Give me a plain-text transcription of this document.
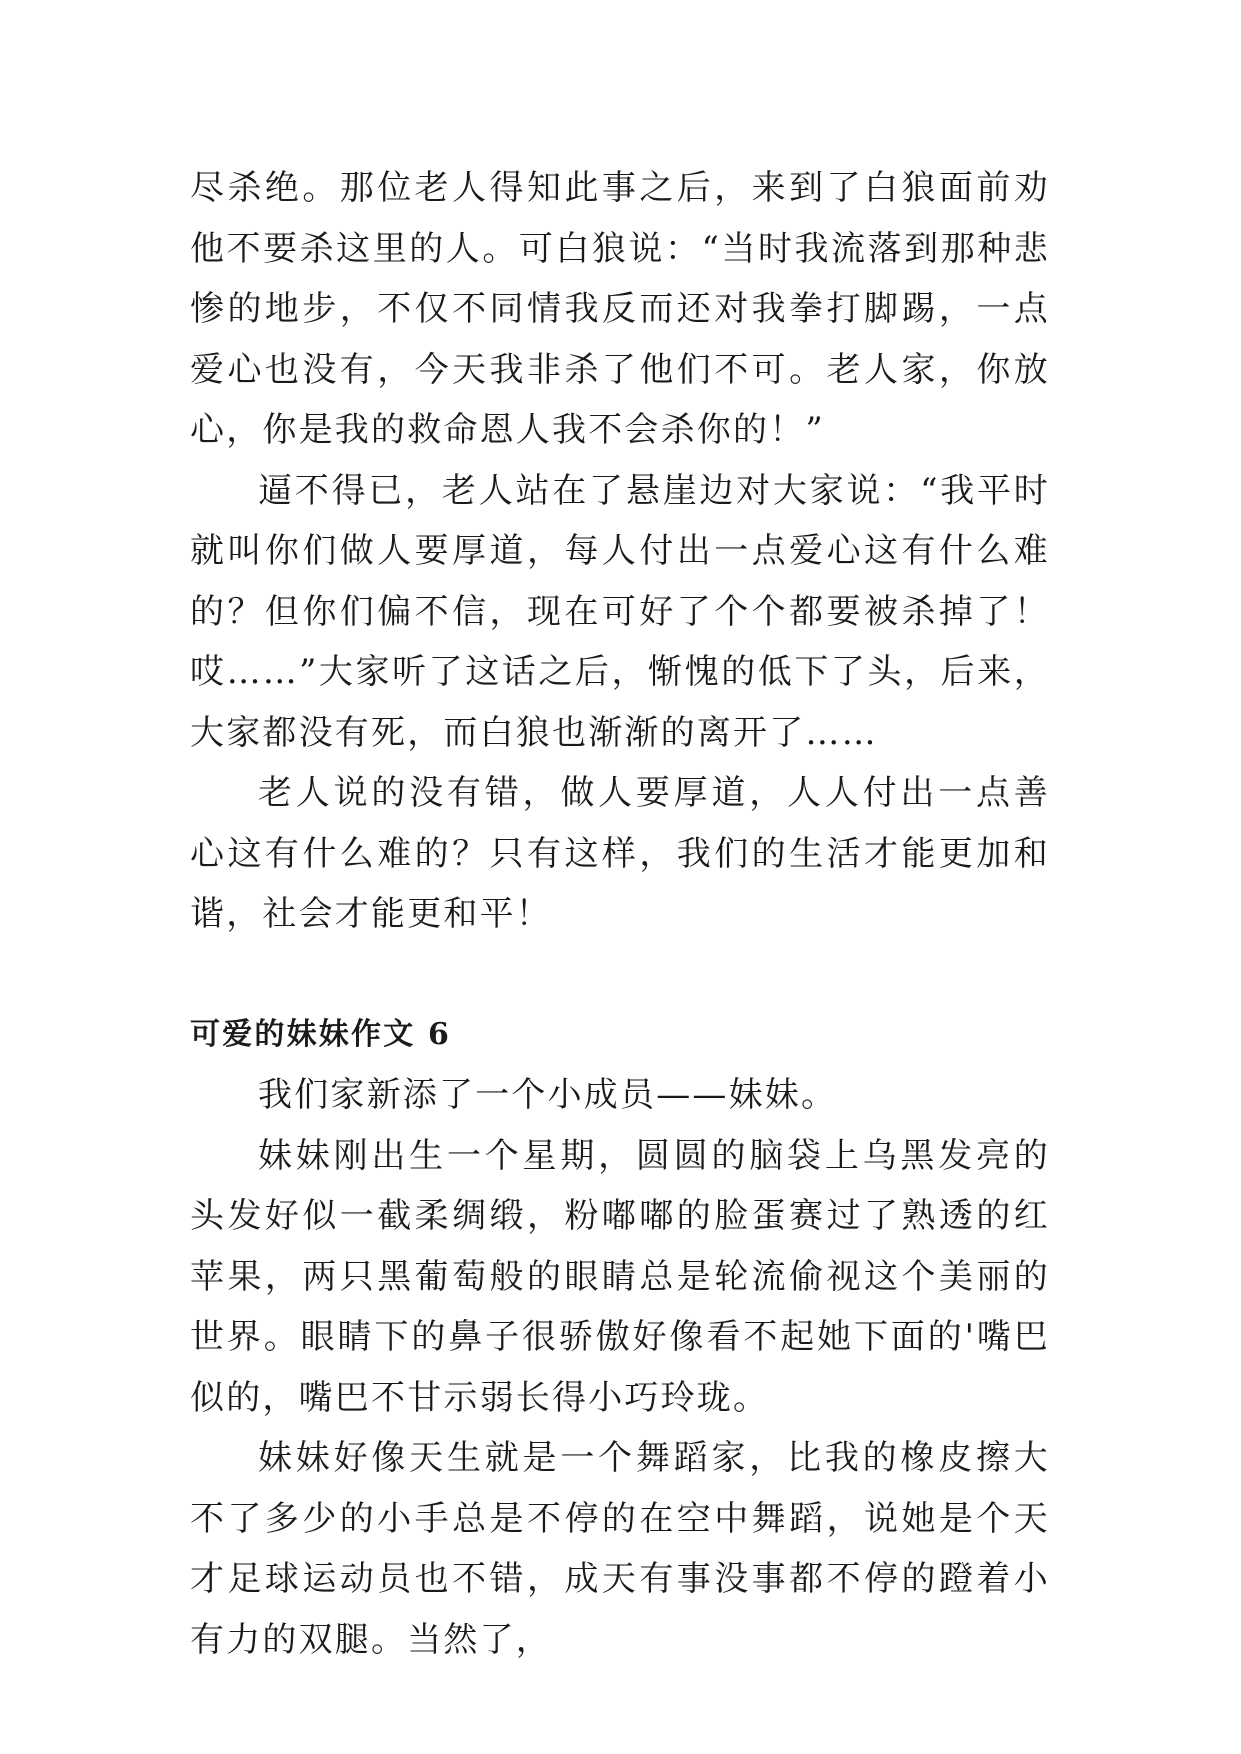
尽杀绝。那位老人得知此事之后，来到了白狼面前劝他不要杀这里的人。可白狼说：“当时我流落到那种悲惨的地步，不仅不同情我反而还对我拳打脚踢，一点爱心也没有，今天我非杀了他们不可。老人家，你放心，你是我的救命恩人我不会杀你的！”

逼不得已，老人站在了悬崖边对大家说：“我平时就叫你们做人要厚道，每人付出一点爱心这有什么难的？但你们偏不信，现在可好了个个都要被杀掉了！哎……”大家听了这话之后，惭愧的低下了头，后来，大家都没有死，而白狼也渐渐的离开了……

老人说的没有错，做人要厚道，人人付出一点善心这有什么难的？只有这样，我们的生活才能更加和谐，社会才能更和平！

可爱的妹妹作文 6

我们家新添了一个小成员——妹妹。

妹妹刚出生一个星期，圆圆的脑袋上乌黑发亮的头发好似一截柔绸缎，粉嘟嘟的脸蛋赛过了熟透的红苹果，两只黑葡萄般的眼睛总是轮流偷视这个美丽的世界。眼睛下的鼻子很骄傲好像看不起她下面的'嘴巴似的，嘴巴不甘示弱长得小巧玲珑。

妹妹好像天生就是一个舞蹈家，比我的橡皮擦大不了多少的小手总是不停的在空中舞蹈，说她是个天才足球运动员也不错，成天有事没事都不停的蹬着小有力的双腿。当然了，
